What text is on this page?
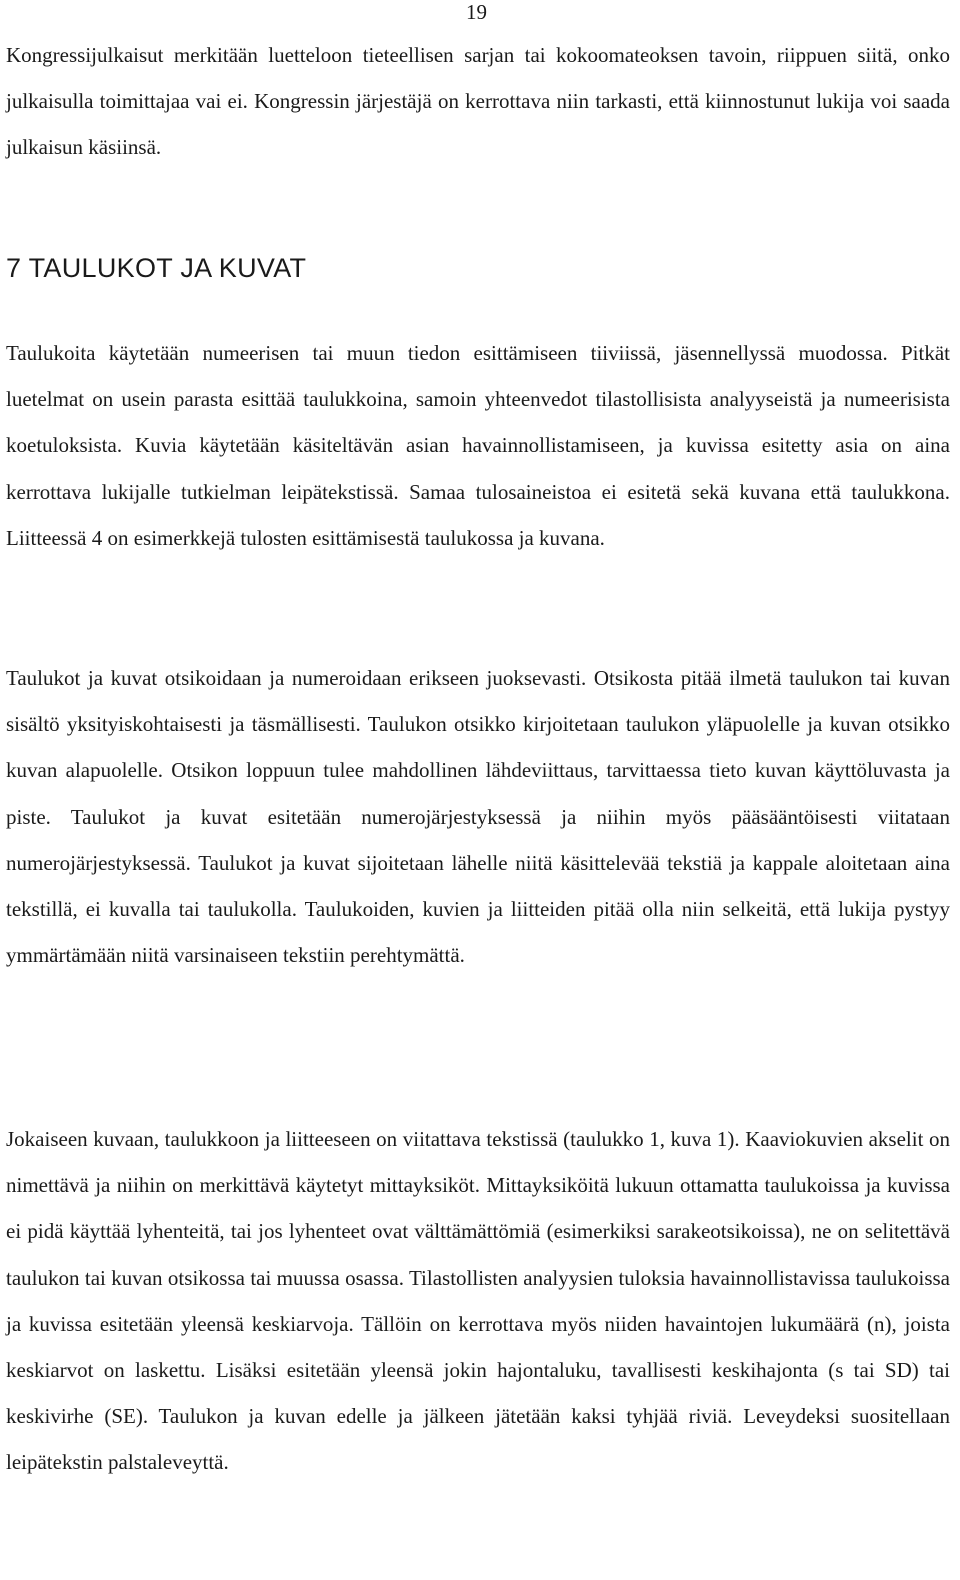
19

Kongressijulkaisut merkitään luetteloon tieteellisen sarjan tai kokoomateoksen tavoin, riippuen siitä, onko julkaisulla toimittajaa vai ei. Kongressin järjestäjä on kerrottava niin tarkasti, että kiinnostunut lukija voi saada julkaisun käsiinsä.

7 TAULUKOT JA KUVAT

Taulukoita käytetään numeerisen tai muun tiedon esittämiseen tiiviissä, jäsennellyssä muodossa. Pitkät luetelmat on usein parasta esittää taulukkoina, samoin yhteenvedot tilastollisista analyyseistä ja numeerisista koetuloksista. Kuvia käytetään käsiteltävän asian havainnollistamiseen, ja kuvissa esitetty asia on aina kerrottava lukijalle tutkielman leipätekstissä. Samaa tulosaineistoa ei esitetä sekä kuvana että taulukkona. Liitteessä 4 on esimerkkejä tulosten esittämisestä taulukossa ja kuvana.

Taulukot ja kuvat otsikoidaan ja numeroidaan erikseen juoksevasti. Otsikosta pitää ilmetä taulukon tai kuvan sisältö yksityiskohtaisesti ja täsmällisesti. Taulukon otsikko kirjoitetaan taulukon yläpuolelle ja kuvan otsikko kuvan alapuolelle. Otsikon loppuun tulee mahdollinen lähdeviittaus, tarvittaessa tieto kuvan käyttöluvasta ja piste. Taulukot ja kuvat esitetään numerojärjestyksessä ja niihin myös pääsääntöisesti viitataan numerojärjestyksessä. Taulukot ja kuvat sijoitetaan lähelle niitä käsittelevää tekstiä ja kappale aloitetaan aina tekstillä, ei kuvalla tai taulukolla. Taulukoiden, kuvien ja liitteiden pitää olla niin selkeitä, että lukija pystyy ymmärtämään niitä varsinaiseen tekstiin perehtymättä.

Jokaiseen kuvaan, taulukkoon ja liitteeseen on viitattava tekstissä (taulukko 1, kuva 1). Kaaviokuvien akselit on nimettävä ja niihin on merkittävä käytetyt mittayksiköt. Mittayksiköitä lukuun ottamatta taulukoissa ja kuvissa ei pidä käyttää lyhenteitä, tai jos lyhenteet ovat välttämättömiä (esimerkiksi sarakeotsikoissa), ne on selitettävä taulukon tai kuvan otsikossa tai muussa osassa. Tilastollisten analyysien tuloksia havainnollistavissa taulukoissa ja kuvissa esitetään yleensä keskiarvoja. Tällöin on kerrottava myös niiden havaintojen lukumäärä (n), joista keskiarvot on laskettu. Lisäksi esitetään yleensä jokin hajontaluku, tavallisesti keskihajonta (s tai SD) tai keskivirhe (SE). Taulukon ja kuvan edelle ja jälkeen jätetään kaksi tyhjää riviä. Leveydeksi suositellaan leipätekstin palstaleveyttä.
